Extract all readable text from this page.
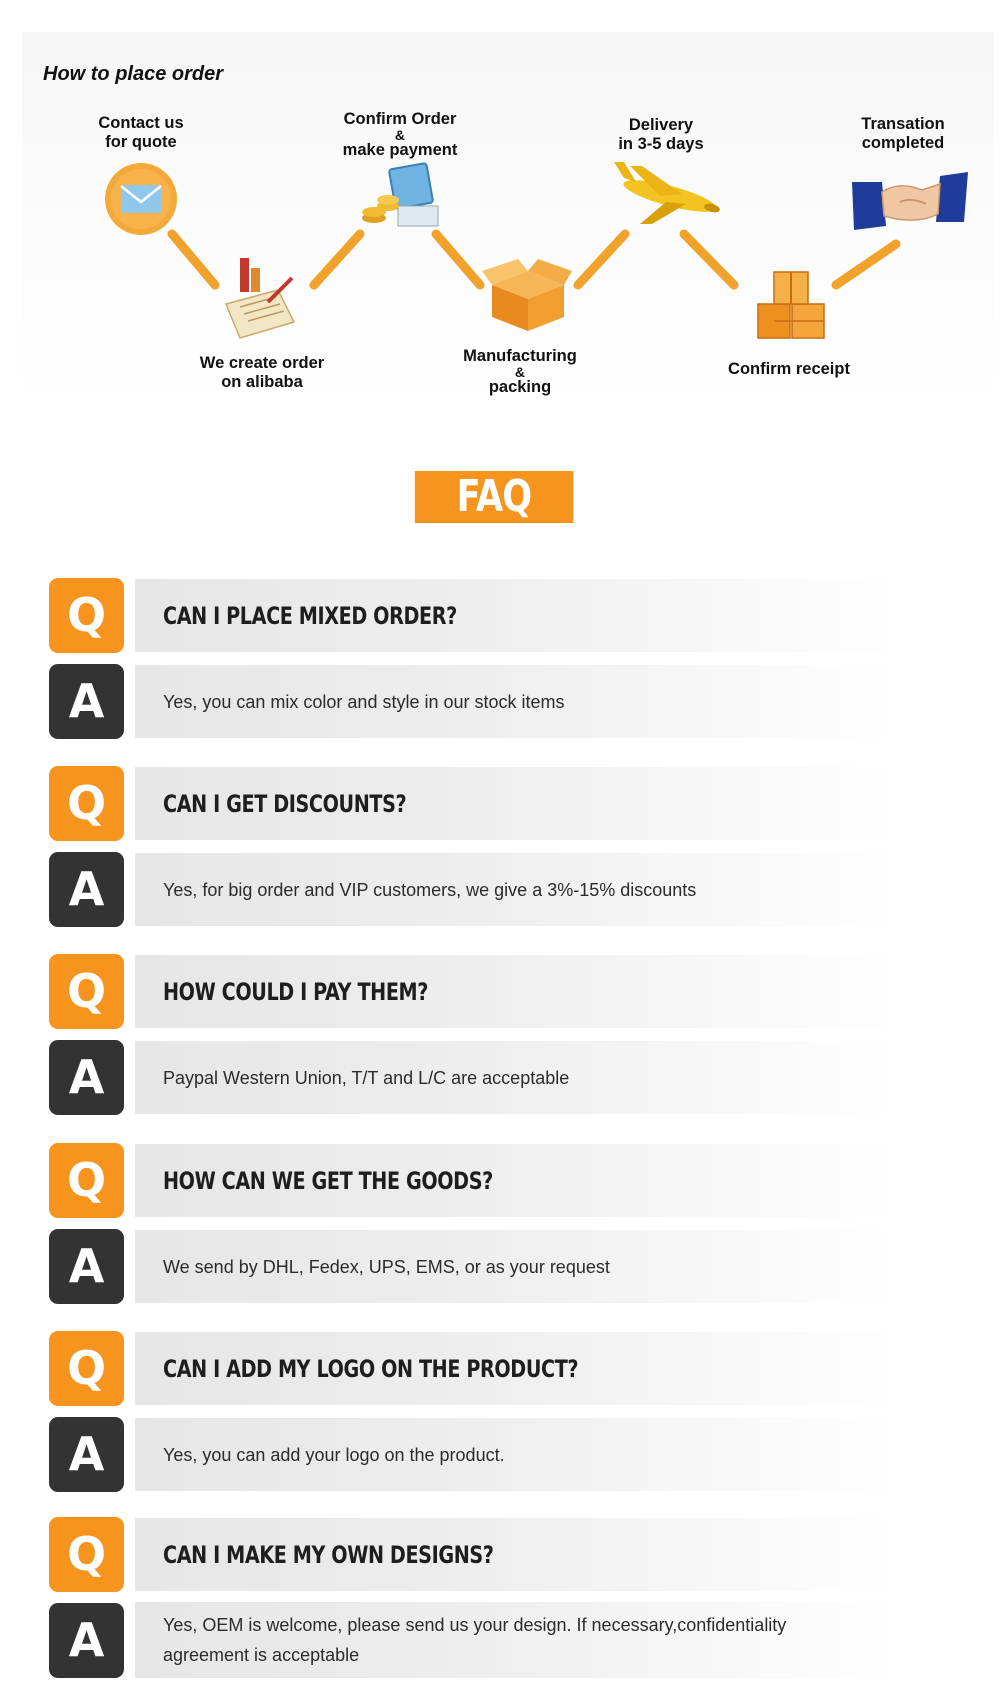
How to place order
Contact us
for quote
We create order
on alibaba
Confirm Order
&
make payment
Manufacturing
&
packing
Delivery
in 3-5 days
Confirm receipt
Transation
completed
FAQ
Q	CAN I PLACE MIXED ORDER?
A	Yes, you can mix color and style in our stock items
Q	CAN I GET DISCOUNTS?
A	Yes, for big order and VIP customers, we give a 3%-15% discounts
Q	HOW COULD I PAY THEM?
A	Paypal Western Union, T/T and L/C are acceptable
Q	HOW CAN WE GET THE GOODS?
A	We send by DHL, Fedex, UPS, EMS, or as your request
Q	CAN I ADD MY LOGO ON THE PRODUCT?
A	Yes, you can add your logo on the product.
Q	CAN I MAKE MY OWN DESIGNS?
A	Yes, OEM is welcome, please send us your design. If necessary,confidentiality agreement is acceptable
